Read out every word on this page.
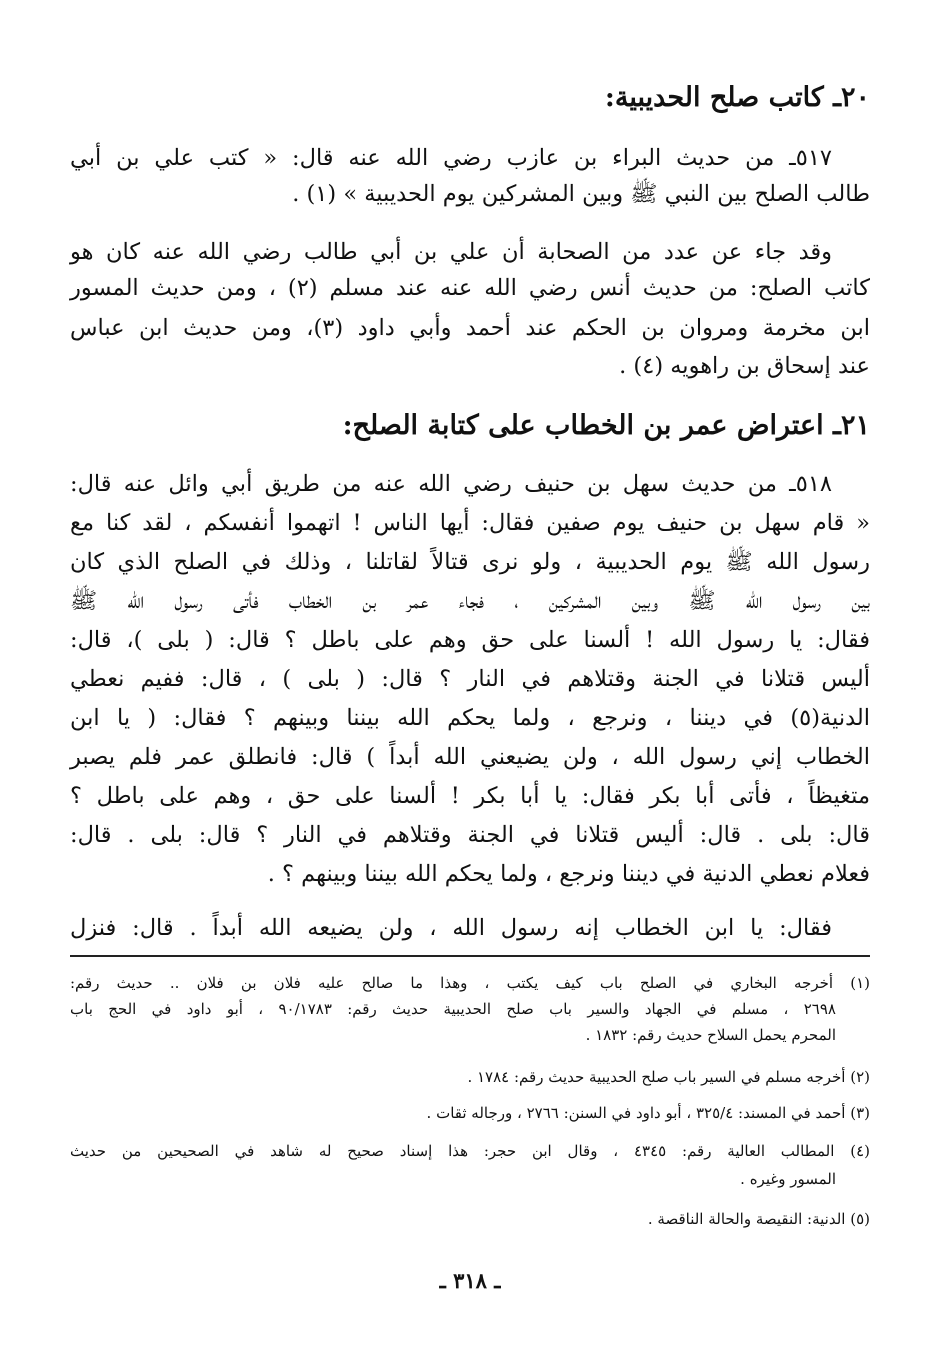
٢٠ـ كاتب صلح الحديبية:
٥١٧ـ من حديث البراء بن عازب رضي الله عنه قال: « كتب علي بن أبي
طالب الصلح بين النبي ﷺ وبين المشركين يوم الحديبية » (١) .
وقد جاء عن عدد من الصحابة أن علي بن أبي طالب رضي الله عنه كان هو
كاتب الصلح: من حديث أنس رضي الله عنه عند مسلم (٢) ، ومن حديث المسور
ابن مخرمة ومروان بن الحكم عند أحمد وأبي داود (٣)، ومن حديث ابن عباس
عند إسحاق بن راهويه (٤) .
٢١ـ اعتراض عمر بن الخطاب على كتابة الصلح:
٥١٨ـ من حديث سهل بن حنيف رضي الله عنه من طريق أبي وائل عنه قال:
« قام سهل بن حنيف يوم صفين فقال: أيها الناس ! اتهموا أنفسكم ، لقد كنا مع
رسول الله ﷺ يوم الحديبية ، ولو نرى قتالاً لقاتلنا ، وذلك في الصلح الذي كان
بين رسول الله ﷺ وبين المشركين ، فجاء عمر بن الخطاب فأتى رسول الله ﷺ
فقال: يا رسول الله ! ألسنا على حق وهم على باطل ؟ قال: ( بلى )، قال:
أليس قتلانا في الجنة وقتلاهم في النار ؟ قال: ( بلى ) ، قال: ففيم نعطي
الدنية(٥) في ديننا ، ونرجع ، ولما يحكم الله بيننا وبينهم ؟ فقال: ( يا ابن
الخطاب إني رسول الله ، ولن يضيعني الله أبداً ) قال: فانطلق عمر فلم يصبر
متغيظاً ، فأتى أبا بكر فقال: يا أبا بكر ! ألسنا على حق ، وهم على باطل ؟
قال: بلى . قال: أليس قتلانا في الجنة وقتلاهم في النار ؟ قال: بلى . قال:
فعلام نعطي الدنية في ديننا ونرجع ، ولما يحكم الله بيننا وبينهم ؟ .
فقال: يا ابن الخطاب إنه رسول الله ، ولن يضيعه الله أبداً . قال: فنزل
(١) أخرجه البخاري في الصلح باب كيف يكتب ، وهذا ما صالح عليه فلان بن فلان .. حديث رقم:
٢٦٩٨ ، مسلم في الجهاد والسير باب صلح الحديبية حديث رقم: ٩٠/١٧٨٣ ، أبو داود في الحج باب
المحرم يحمل السلاح حديث رقم: ١٨٣٢ .
(٢) أخرجه مسلم في السير باب صلح الحديبية حديث رقم: ١٧٨٤ .
(٣) أحمد في المسند: ٣٢٥/٤ ، أبو داود في السنن: ٢٧٦٦ ، ورجاله ثقات .
(٤) المطالب العالية رقم: ٤٣٤٥ ، وقال ابن حجر: هذا إسناد صحيح له شاهد في الصحيحين من حديث
المسور وغيره .
(٥) الدنية: النقيصة والحالة الناقصة .
ـ ٣١٨ ـ
